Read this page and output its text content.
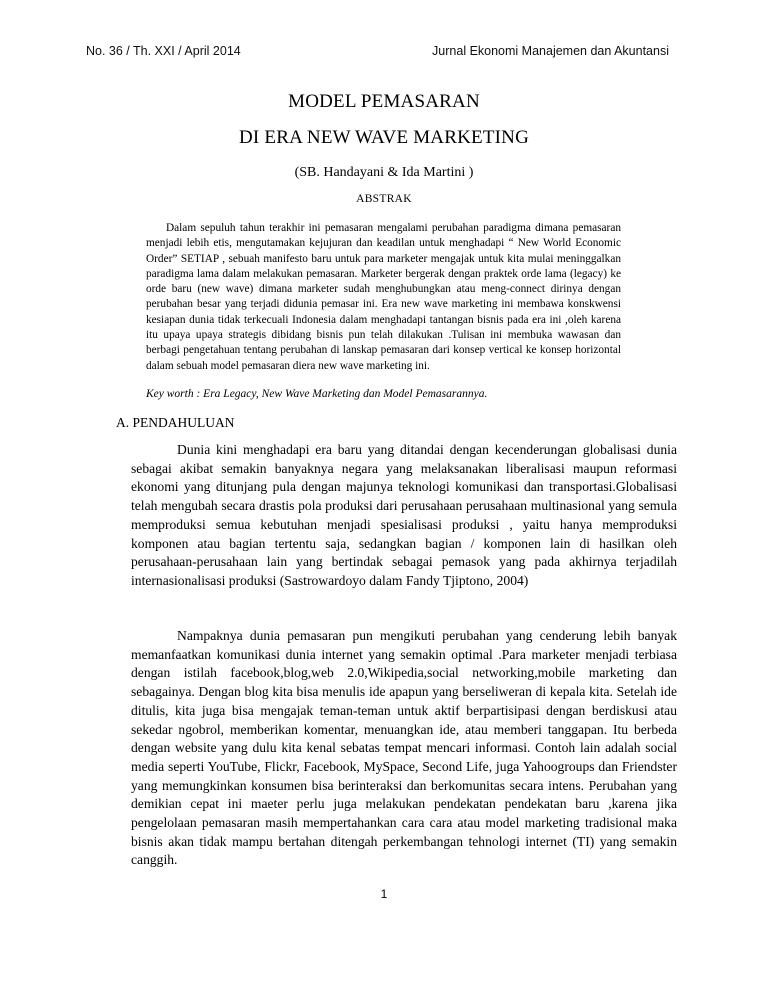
No. 36 / Th. XXI / April 2014	Jurnal Ekonomi Manajemen dan Akuntansi
MODEL PEMASARAN
DI ERA NEW WAVE MARKETING
(SB. Handayani & Ida Martini )
ABSTRAK

Dalam sepuluh tahun terakhir ini pemasaran mengalami perubahan paradigma dimana pemasaran menjadi lebih etis, mengutamakan kejujuran dan keadilan untuk menghadapi “ New World Economic Order” SETIAP , sebuah manifesto baru untuk para marketer mengajak untuk kita mulai meninggalkan paradigma lama dalam melakukan pemasaran. Marketer bergerak dengan praktek orde lama (legacy) ke orde baru (new wave) dimana marketer sudah menghubungkan atau meng-connect dirinya dengan perubahan besar yang terjadi didunia pemasar ini. Era new wave marketing ini membawa konskwensi kesiapan dunia tidak terkecuali Indonesia dalam menghadapi tantangan bisnis pada era ini ,oleh karena itu upaya upaya strategis dibidang bisnis pun telah dilakukan .Tulisan ini membuka wawasan dan berbagi pengetahuan tentang perubahan di lanskap pemasaran dari konsep vertical ke konsep horizontal dalam sebuah model pemasaran diera new wave marketing ini.

Key worth : Era Legacy, New Wave Marketing dan Model Pemasarannya.

A. PENDAHULUAN

Dunia kini menghadapi era baru yang ditandai dengan kecenderungan globalisasi dunia sebagai akibat semakin banyaknya negara yang melaksanakan liberalisasi maupun reformasi ekonomi yang ditunjang pula dengan majunya teknologi komunikasi dan transportasi.Globalisasi telah mengubah secara drastis pola produksi dari perusahaan perusahaan multinasional yang semula memproduksi semua kebutuhan menjadi spesialisasi produksi , yaitu hanya memproduksi komponen atau bagian tertentu saja, sedangkan bagian / komponen lain di hasilkan oleh perusahaan-perusahaan lain yang bertindak sebagai pemasok yang pada akhirnya terjadilah internasionalisasi produksi (Sastrowardoyo dalam Fandy Tjiptono, 2004)

Nampaknya dunia pemasaran pun mengikuti perubahan yang cenderung lebih banyak memanfaatkan komunikasi dunia internet yang semakin optimal .Para marketer menjadi terbiasa dengan istilah facebook,blog,web 2.0,Wikipedia,social networking,mobile marketing dan sebagainya. Dengan blog kita bisa menulis ide apapun yang berseliweran di kepala kita. Setelah ide ditulis, kita juga bisa mengajak teman-teman untuk aktif berpartisipasi dengan berdiskusi atau sekedar ngobrol, memberikan komentar, menuangkan ide, atau memberi tanggapan. Itu berbeda dengan website yang dulu kita kenal sebatas tempat mencari informasi. Contoh lain adalah social media seperti YouTube, Flickr, Facebook, MySpace, Second Life, juga Yahoogroups dan Friendster yang memungkinkan konsumen bisa berinteraksi dan berkomunitas secara intens. Perubahan yang demikian cepat ini maeter perlu juga melakukan pendekatan pendekatan baru ,karena jika pengelolaan pemasaran masih mempertahankan cara cara atau model marketing tradisional maka bisnis akan tidak mampu bertahan ditengah perkembangan tehnologi internet (TI) yang semakin canggih.

1
